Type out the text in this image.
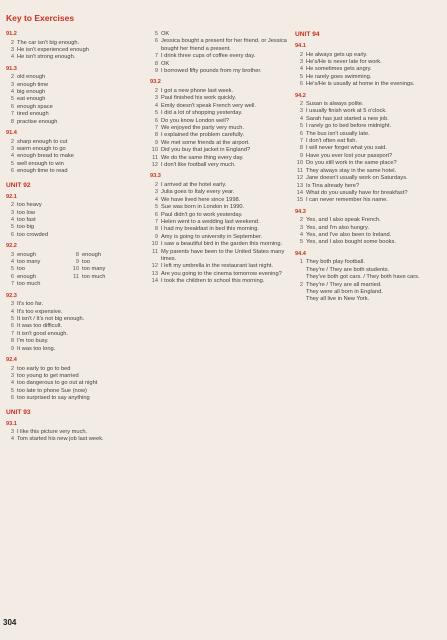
Key to Exercises
91.2
2 The car isn't big enough.
3 He isn't experienced enough
4 He isn't strong enough.
91.3
2 old enough
3 enough time
4 big enough
5 eat enough
6 enough space
7 tired enough
8 practise enough
91.4
2 sharp enough to cut
3 warm enough to go
4 enough bread to make
5 well enough to win
6 enough time to read
UNIT 92
92.1
2 too heavy
3 too low
4 too fast
5 too big
6 too crowded
92.2
3 enough	8 enough
4 too many	9 too
5 too	10 too many
6 enough	11 too much
7 too much
92.3
3 It's too far.
4 It's too expensive.
5 It isn't / It's not big enough.
6 It was too difficult.
7 It isn't good enough.
8 I'm too busy.
9 It was too long.
92.4
2 too early to go to bed
3 too young to get married
4 too dangerous to go out at night
5 too late to phone Sue (now)
6 too surprised to say anything
UNIT 93
93.1
3 I like this picture very much.
4 Tom started his new job last week.
5 OK
6 Jessica bought a present for her friend. or Jessica bought her friend a present.
7 I drink three cups of coffee every day.
8 OK
9 I borrowed fifty pounds from my brother.
93.2
2 I got a new phone last week.
3 Paul finished his work quickly.
4 Emily doesn't speak French very well.
5 I did a lot of shopping yesterday.
6 Do you know London well?
7 We enjoyed the party very much.
8 I explained the problem carefully.
9 We met some friends at the airport.
10 Did you buy that jacket in England?
11 We do the same thing every day.
12 I don't like football very much.
93.3
2 I arrived at the hotel early.
3 Julia goes to Italy every year.
4 We have lived here since 1998.
5 Sue was born in London in 1990.
6 Paul didn't go to work yesterday.
7 Helen went to a wedding last weekend.
8 I had my breakfast in bed this morning.
9 Amy is going to university in September.
10 I saw a beautiful bird in the garden this morning.
11 My parents have been to the United States many times.
12 I left my umbrella in the restaurant last night.
13 Are you going to the cinema tomorrow evening?
14 I took the children to school this morning.
UNIT 94
94.1
2 He always gets up early.
3 He's/He is never late for work.
4 He sometimes gets angry.
5 He rarely goes swimming.
6 He's/He is usually at home in the evenings.
94.2
2 Susan is always polite.
3 I usually finish work at 5 o'clock.
4 Sarah has just started a new job.
5 I rarely go to bed before midnight.
6 The bus isn't usually late.
7 I don't often eat fish.
8 I will never forget what you said.
9 Have you ever lost your passport?
10 Do you still work in the same place?
11 They always stay in the same hotel.
12 Jane doesn't usually work on Saturdays.
13 Is Tina already here?
14 What do you usually have for breakfast?
15 I can never remember his name.
94.3
2 Yes, and I also speak French.
3 Yes, and I'm also hungry.
4 Yes, and I've also been to Ireland.
5 Yes, and I also bought some books.
94.4
1 They both play football.
They're / They are both students.
They've both got cars. / They both have cars.
2 They're / They are all married.
They were all born in England.
They all live in New York.
304
